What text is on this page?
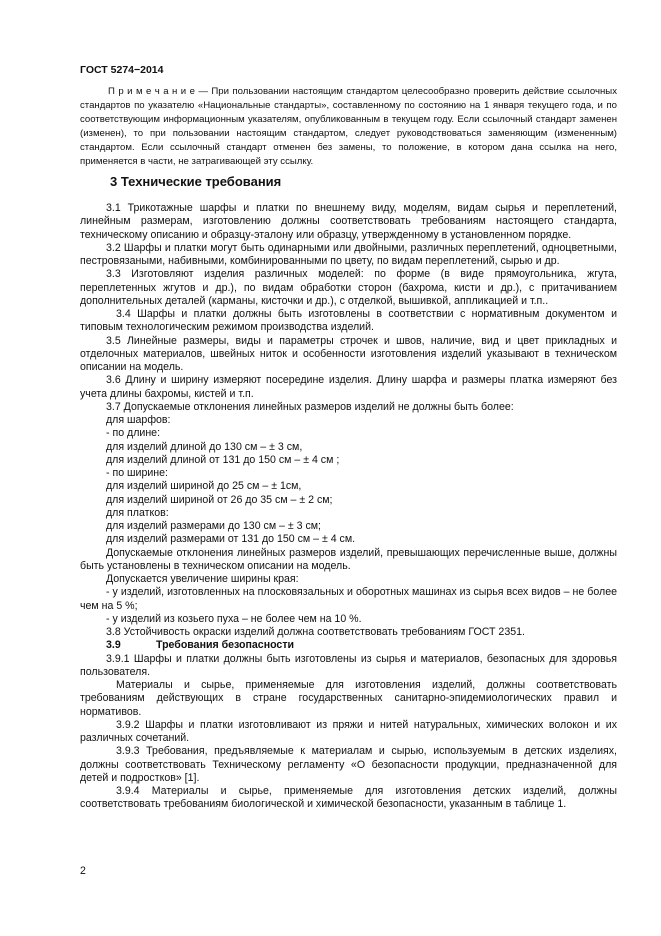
ГОСТ 5274−2014
П р и м е ч а н и е — При пользовании настоящим стандартом целесообразно проверить действие ссылочных стандартов по указателю «Национальные стандарты», составленному по состоянию на 1 января текущего года, и по соответствующим информационным указателям, опубликованным в текущем году. Если ссылочный стандарт заменен (изменен), то при пользовании настоящим стандартом, следует руководствоваться заменяющим (измененным) стандартом. Если ссылочный стандарт отменен без замены, то положение, в котором дана ссылка на него, применяется в части, не затрагивающей эту ссылку.
3 Технические требования

3.1 Трикотажные шарфы и платки по внешнему виду, моделям, видам сырья и переплетений, линейным размерам, изготовлению должны соответствовать требованиям настоящего стандарта, техническому описанию и образцу-эталону или образцу, утвержденному в установленном порядке.

3.2 Шарфы и платки могут быть одинарными или двойными, различных переплетений, одноцветными, пестровязаными, набивными, комбинированными по цвету, по видам переплетений, сырью и др.

3.3 Изготовляют изделия различных моделей: по форме (в виде прямоугольника, жгута, переплетенных жгутов и др.), по видам обработки сторон (бахрома, кисти и др.), с притачиванием дополнительных деталей (карманы, кисточки и др.), с отделкой, вышивкой, аппликацией и т.п..

3.4 Шарфы и платки должны быть изготовлены в соответствии с нормативным документом и типовым технологическим режимом производства изделий.

3.5 Линейные размеры, виды и параметры строчек и швов, наличие, вид и цвет прикладных и отделочных материалов, швейных ниток и особенности изготовления изделий указывают в техническом описании на модель.

3.6 Длину и ширину измеряют посередине изделия. Длину шарфа и размеры платка измеряют без учета длины бахромы, кистей и т.п.

3.7 Допускаемые отклонения линейных размеров изделий не должны быть более:

для шарфов:

- по длине:

для изделий длиной до 130 см – ± 3 см,

для изделий длиной от 131 до 150 см – ± 4 см ;

- по ширине:

для изделий шириной до 25 см – ± 1см,

для изделий шириной от 26 до 35 см – ± 2 см;

для платков:

для изделий размерами до 130 см – ± 3 см;

для изделий размерами от 131 до 150 см – ± 4 см.

Допускаемые отклонения линейных размеров изделий, превышающих перечисленные выше, должны быть установлены в техническом описании на модель.

Допускается увеличение ширины края:

- у изделий, изготовленных на плосковязальных и оборотных машинах из сырья всех видов – не более чем на 5 %;

- у изделий из козьего пуха – не более чем на 10 %.

3.8 Устойчивость окраски изделий должна соответствовать требованиям ГОСТ 2351.

3.9	Требования безопасности

3.9.1 Шарфы и платки должны быть изготовлены из сырья и материалов, безопасных для здоровья пользователя.

Материалы и сырье, применяемые для изготовления изделий, должны соответствовать требованиям действующих в стране государственных санитарно-эпидемиологических правил и нормативов.

3.9.2 Шарфы и платки изготовливают из пряжи и нитей натуральных, химических волокон и их различных сочетаний.

3.9.3 Требования, предъявляемые к материалам и сырью, используемым в детских изделиях, должны соответствовать Техническому регламенту «О безопасности продукции, предназначенной для детей и подростков» [1].

3.9.4 Материалы и сырье, применяемые для изготовления детских изделий, должны соответствовать требованиям биологической и химической безопасности, указанным в таблице 1.

2
